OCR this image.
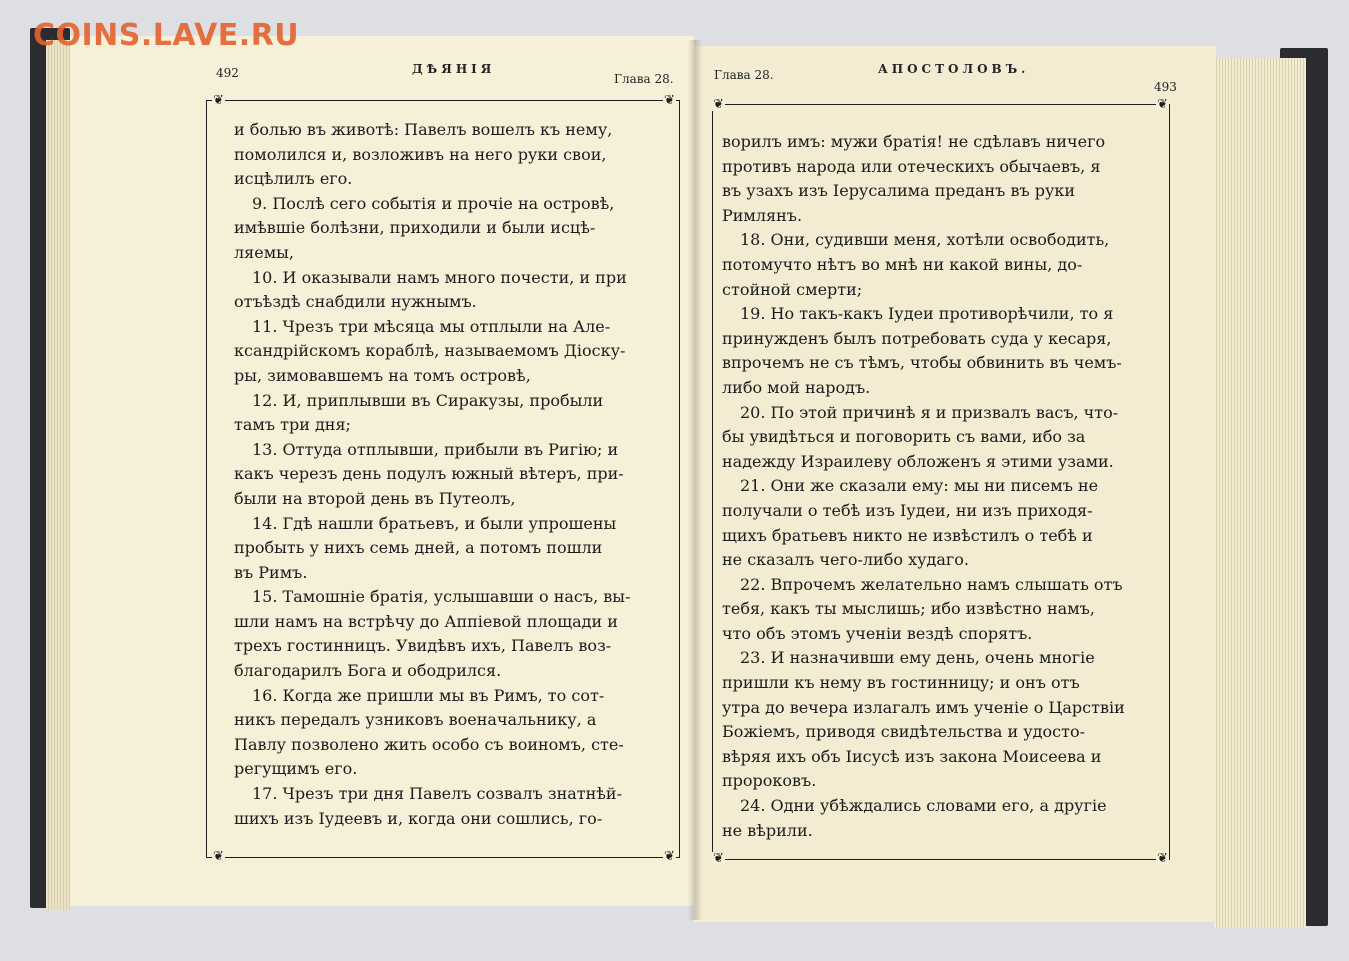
492	ДѢЯНІЯ
Глава 28.	Глава 28.	АПОСТОЛОВЪ.
493
❦	❦
❦	❦
❦	❦
❦	❦

и болью въ животѣ: Павелъ вошелъ къ нему,

помолился и, возложивъ на него руки свои,

исцѣлилъ его.

9. Послѣ сего событія и прочіе на островѣ,

имѣвшіе болѣзни, приходили и были исцѣ-

ляемы,

10. И оказывали намъ много почести, и при

отъѣздѣ снабдили нужнымъ.

11. Чрезъ три мѣсяца мы отплыли на Але-

ксандрійскомъ кораблѣ, называемомъ Діоску-

ры, зимовавшемъ на томъ островѣ,

12. И, приплывши въ Сиракузы, пробыли

тамъ три дня;

13. Оттуда отплывши, прибыли въ Ригію; и

какъ черезъ день подулъ южный вѣтеръ, при-

были на второй день въ Путеолъ,

14. Гдѣ нашли братьевъ, и были упрошены

пробыть у нихъ семь дней, а потомъ пошли

въ Римъ.

15. Тамошніе братія, услышавши о насъ, вы-

шли намъ на встрѣчу до Аппіевой площади и

трехъ гостинницъ. Увидѣвъ ихъ, Павелъ воз-

благодарилъ Бога и ободрился.

16. Когда же пришли мы въ Римъ, то сот-

никъ передалъ узниковъ военачальнику, а

Павлу позволено жить особо съ воиномъ, сте-

регущимъ его.

17. Чрезъ три дня Павелъ созвалъ знатнѣй-

шихъ изъ Іудеевъ и, когда они сошлись, го-

ворилъ имъ: мужи братія! не сдѣлавъ ничего

противъ народа или отеческихъ обычаевъ, я

въ узахъ изъ Іерусалима преданъ въ руки

Римлянъ.

18. Они, судивши меня, хотѣли освободить,

потомучто нѣтъ во мнѣ ни какой вины, до-

стойной смерти;

19. Но такъ-какъ Іудеи противорѣчили, то я

принужденъ былъ потребовать суда у кесаря,

впрочемъ не съ тѣмъ, чтобы обвинить въ чемъ-

либо мой народъ.

20. По этой причинѣ я и призвалъ васъ, что-

бы увидѣться и поговорить съ вами, ибо за

надежду Израилеву обложенъ я этими узами.

21. Они же сказали ему: мы ни писемъ не

получали о тебѣ изъ Іудеи, ни изъ приходя-

щихъ братьевъ никто не извѣстилъ о тебѣ и

не сказалъ чего-либо худаго.

22. Впрочемъ желательно намъ слышать отъ

тебя, какъ ты мыслишь; ибо извѣстно намъ,

что объ этомъ ученіи вездѣ спорятъ.

23. И назначивши ему день, очень многіе

пришли къ нему въ гостинницу; и онъ отъ

утра до вечера излагалъ имъ ученіе о Царствіи

Божіемъ, приводя свидѣтельства и удосто-

вѣряя ихъ объ Іисусѣ изъ закона Моисеева и

пророковъ.

24. Одни убѣждались словами его, а другіе

не вѣрили.

COINS.LAVE.RU
